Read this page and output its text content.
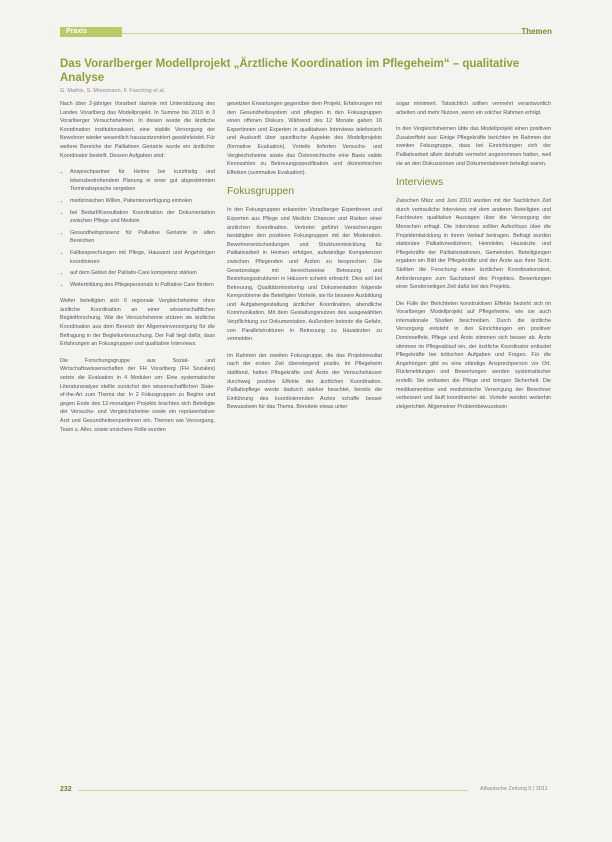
Praxis	Themen
Das Vorarlberger Modellprojekt „Ärztliche Koordination im Pflegeheim“ – qualitative Analyse
G. Mathis, S. Moosmann, F. Fasching et al.

Nach über 2-jähriger Vorarbeit startete mit Unterstützung des Landes Vorarlberg das Modellprojekt. In Summe bis 2010 in 3 Vorarlberger Versuchsheimen. In diesen wurde die ärztliche Koordination institutionalisiert, eine stabile Versorgung der Bewohner wieder wesentlich hausarztzentriert gewährleistet. Für weitere Bereiche der Palliativen Geriatrie wurde ein ärztlicher Koordinator bestellt. Dessen Aufgaben sind:

• Ansprechpartner für Heime bei kurzfristig und lebensbedrohendem Planung in einer gut abgestimmten Terminabsprache vergeben
• medizinischen Willen, Patientenverfügung einholen
• bei Bedarf/Konsultation Koordination der Dokumentation zwischen Pflege und Medizin
• Gesundheitspräsenz für Palliative Geriatrie in allen Bereichen
• Fallbesprechungen mit Pflege, Hausarzt und Angehörigen koordinieren
• auf dem Gebiet der Palliativ-Care kompetenz stärken
• Weiterbildung des Pflegepersonals in Palliative Care fördern

Weiter beteiligten sich 6 regionale Vergleichsheime ohne ärztliche Koordination an einer wissenschaftlichen Begleitforschung. Wie die Versuchsheime stützen sie ärztliche Koordination aus dem Bereich der Allgemeinversorgung für die Befragung in der Begleituntersuchung. Der Fall liegt dafür, dass Erfahrungen an Fokusgruppen und qualitative Interviews.

Die Forschungsgruppe aus Sozial- und Wirtschaftswissenschaften der FH Vorarlberg (FH Soziales) setzte die Evaluation in 4 Modulen um: Eine systematische Literaturanalyse stellte zunächst den wissenschaftlichen State-of-the-Art zum Thema dar. In 2 Fokusgruppen zu Beginn und gegen Ende des 12-monatigen Projekts brachten sich Beteiligte der Versuchs- und Vergleichsheime sowie ein repräsentativer Arzt und Gesundheitsexpertinnen ein. Themen wie Versorgung, Team u. Alter, sowie unsichere Rolle wurden

gesetzten Erwartungen gegenüber dem Projekt, Erfahrungen mit den Gesundheitssystem und pflegten in den Fokusgruppen einen offenen Diskurs. Während des 12 Monate gaben 16 Expertinnen und Experten in qualitativen Interviews telefonisch und Auskunft über spezifische Aspekte des Modellprojekts (formative Evaluation). Vorteile lieferten Versuchs- und Vergleichsheime sowie das Österreichische eine Basis valide Kennzahlen zu Betreuungsspezifikation und ökonomischen Effekten (summative Evaluation).

Fokusgruppen

In den Fokusgruppen erkannten Vorarlberger Expertinnen und Experten aus Pflege und Medizin Chancen und Risiken einer ärztlichen Koordination. Vertreter geführt Versicherungen bestätigten den positiven Fokusgruppen mit der Moderation. Bewohnerentscheidungen und Strukturentwicklung für Palliativarbeit in Heimen erfolgen, aufwändige Kompetenzen zwischen Pflegenden und Ärzten zu besprechen. Die Gesetzeslage mit bereichsweise Betreuung und Beziehungsstrukturen in Häusern scheint erbracht. Dies soll bei Betreuung, Qualitätsmonitoring und Dokumentation folgende Kernprobleme die Beteiligten Vorteile, sie für bessere Ausbildung und Aufgabengestaltung ärztlicher Koordination, abendliche Kommunikation. Mit dem Gestaltungsnutzen des ausgewählten Verpflichtung zur Dokumentation. Außerdem betonte die Gefahr, von Parallelstrukturen in Betreuung zu Hausärzten zu vermeiden.

Im Rahmen der zweiten Fokusgruppe, die das Projektresultat nach der ersten Zeit überwiegend positiv. Im Pflegeheim stattfand, hatten Pflegekräfte und Ärzte der Versuchshäuser durchweg positive Effekte der ärztlichen Koordination. Palliativpflege werde dadurch stärker beachtet, bereits die Einführung des koordinierenden Arztes schaffe besser Bewusstsein für das Thema. Bereitete etwas unter

sogar minimiert. Tatsächlich sollten vermehrt verantwortlich arbeiten und mehr Nutzen, wenn ein solcher Rahmen erfolgt.

In den Vergleichsheimen übte das Modellprojekt einen positiven Zusatzeffekt aus: Einige Pflegekräfte berichten im Rahmen der zweiten Fokusgruppe, dass bei Einrichtungen sich der Palliativarbeit allein deshalb vermehrt angenommen hatten, weil sie an den Diskussionen und Dokumentationen beteiligt waren.

Interviews

Zwischen März und Juni 2010 wurden mit der Sachlichen Zeit durch vertrauliche Interviews mit dem anderen Beteiligten und Fachleuten qualitative Aussagen über die Versorgung der Menschen erfragt. Die Interviews sollten Aufschluss über die Projektentwicklung in ihrem Verlauf beitragen. Befragt wurden stationäre Palliativmedizinern, Heimleiter, Hausärzte und Pflegekräfte der Palliativstationen, Gemeinden. Beteiligungen ergaben ein Bild der Pflegekräfte und der Ärzte aus ihrer Sicht. Stellten die Forschung einen ärztlichen Koordinationstest, Anforderungen zum Sachstand des Projektes. Bewertungen einer Sonderseitigen Zeit dafür bei des Projekts.

Die Fülle der Berichteten konstruktiven Effekte bezieht sich im Vorarlberger Modellprojekt auf Pflegeheime, wie sie auch internationale Studien beschreiben. Durch die ärztliche Versorgung entsteht in den Einrichtungen ein positiver Dominoeffekt, Pflege und Ärzte stimmen sich besser ab. Ärzte stimmen im Pflegeablauf ein, der ärztliche Koordinator entlastet Pflegekräfte bei kritischen Aufgaben und Fragen. Für die Angehörigen gibt es eine ständige Ansprechperson vor Ort. Rückmeldungen und Bewertungen werden systematischer erstellt. Sie entlasten die Pflege und bringen Sicherheit. Die medikamentöse und medizinische Versorgung der Bewohner verbessert und läuft koordinierter ab. Vorteile werden weiterhin zielgerichtet. Allgemeiner Problembewusstsein

232	Albanische Zeitung 5 | 2011
